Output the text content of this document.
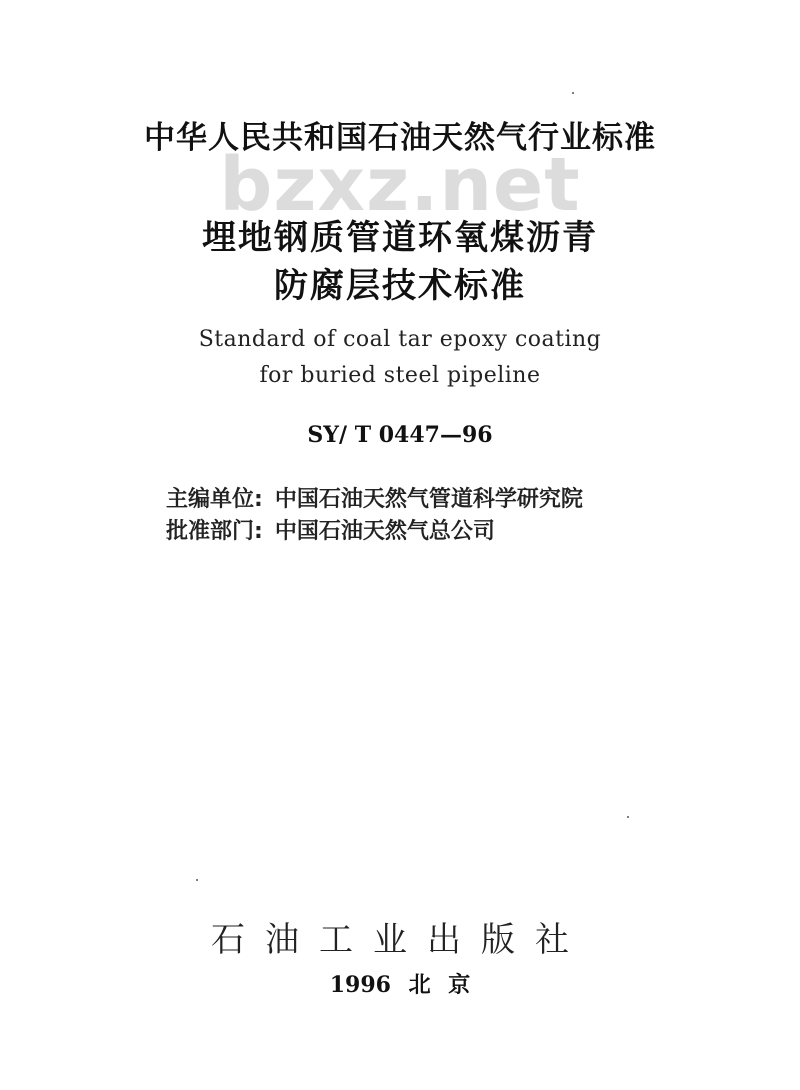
bzxz.net
中华人民共和国石油天然气行业标准
埋地钢质管道环氧煤沥青
防腐层技术标准
Standard of coal tar epoxy coating
for buried steel pipeline
SY/ T 0447—96
主编单位: 中国石油天然气管道科学研究院
批准部门: 中国石油天然气总公司
石油工业出版社
1996 北 京
